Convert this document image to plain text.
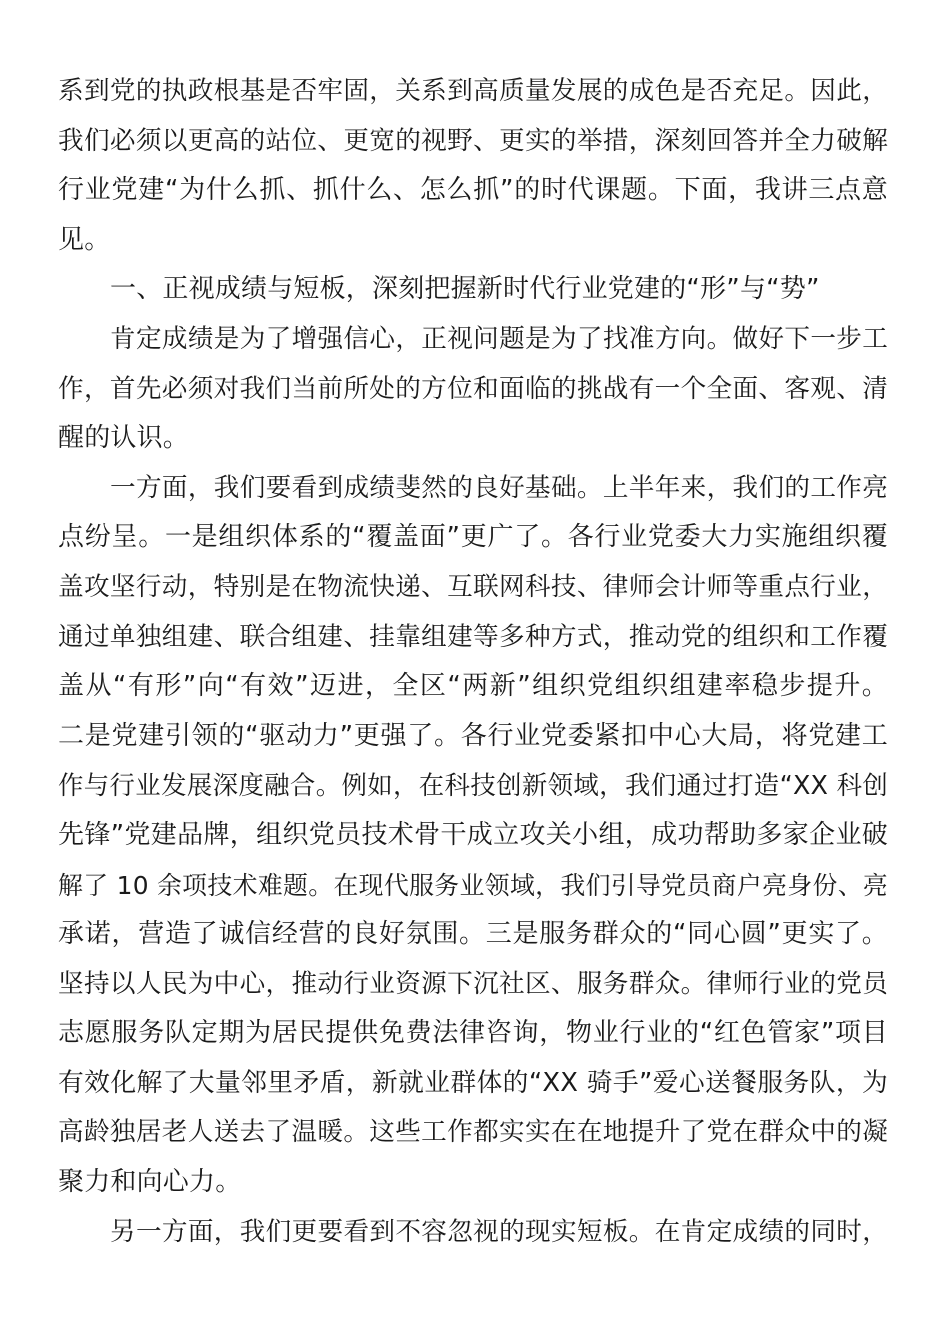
系到党的执政根基是否牢固，关系到高质量发展的成色是否充足。因此，
我们必须以更高的站位、更宽的视野、更实的举措，深刻回答并全力破解
行业党建“为什么抓、抓什么、怎么抓”的时代课题。下面，我讲三点意
见。
一、正视成绩与短板，深刻把握新时代行业党建的“形”与“势”
肯定成绩是为了增强信心，正视问题是为了找准方向。做好下一步工
作，首先必须对我们当前所处的方位和面临的挑战有一个全面、客观、清
醒的认识。
一方面，我们要看到成绩斐然的良好基础。上半年来，我们的工作亮
点纷呈。一是组织体系的“覆盖面”更广了。各行业党委大力实施组织覆
盖攻坚行动，特别是在物流快递、互联网科技、律师会计师等重点行业，
通过单独组建、联合组建、挂靠组建等多种方式，推动党的组织和工作覆
盖从“有形”向“有效”迈进，全区“两新”组织党组织组建率稳步提升。
二是党建引领的“驱动力”更强了。各行业党委紧扣中心大局，将党建工
作与行业发展深度融合。例如，在科技创新领域，我们通过打造“XX 科创
先锋”党建品牌，组织党员技术骨干成立攻关小组，成功帮助多家企业破
解了 10 余项技术难题。在现代服务业领域，我们引导党员商户亮身份、亮
承诺，营造了诚信经营的良好氛围。三是服务群众的“同心圆”更实了。
坚持以人民为中心，推动行业资源下沉社区、服务群众。律师行业的党员
志愿服务队定期为居民提供免费法律咨询，物业行业的“红色管家”项目
有效化解了大量邻里矛盾，新就业群体的“XX 骑手”爱心送餐服务队，为
高龄独居老人送去了温暖。这些工作都实实在在地提升了党在群众中的凝
聚力和向心力。
另一方面，我们更要看到不容忽视的现实短板。在肯定成绩的同时，
